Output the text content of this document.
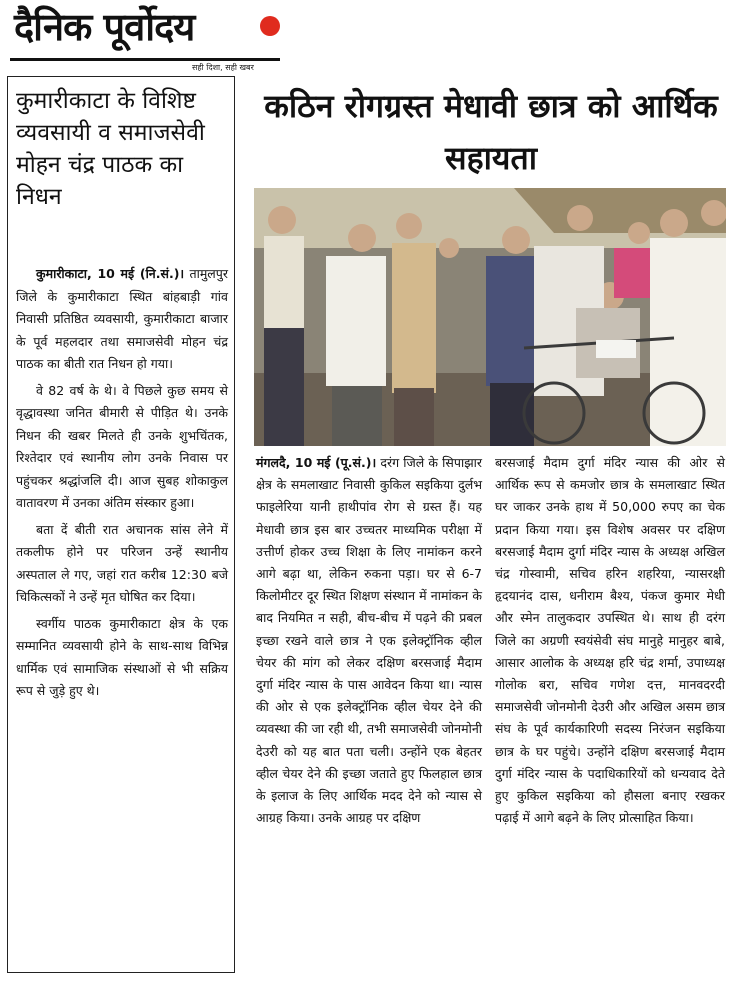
दैनिक पूर्वोदय
सही दिशा, सही खबर
कुमारीकाटा के विशिष्ट व्यवसायी व समाजसेवी मोहन चंद्र पाठक का निधन

कुमारीकाटा, 10 मई (नि.सं.)। तामुलपुर जिले के कुमारीकाटा स्थित बांहबाड़ी गांव निवासी प्रतिष्ठित व्यवसायी, कुमारीकाटा बाजार के पूर्व महलदार तथा समाजसेवी मोहन चंद्र पाठक का बीती रात निधन हो गया।

वे 82 वर्ष के थे। वे पिछले कुछ समय से वृद्धावस्था जनित बीमारी से पीड़ित थे। उनके निधन की खबर मिलते ही उनके शुभचिंतक, रिश्तेदार एवं स्थानीय लोग उनके निवास पर पहुंचकर श्रद्धांजलि दी। आज सुबह शोकाकुल वातावरण में उनका अंतिम संस्कार हुआ।

बता दें बीती रात अचानक सांस लेने में तकलीफ होने पर परिजन उन्हें स्थानीय अस्पताल ले गए, जहां रात करीब 12:30 बजे चिकित्सकों ने उन्हें मृत घोषित कर दिया।

स्वर्गीय पाठक कुमारीकाटा क्षेत्र के एक सम्मानित व्यवसायी होने के साथ-साथ विभिन्न धार्मिक एवं सामाजिक संस्थाओं से भी सक्रिय रूप से जुड़े हुए थे।

कठिन रोगग्रस्त मेधावी छात्र को आर्थिक सहायता

मंगलदै, 10 मई (पू.सं.)। दरंग जिले के सिपाझार क्षेत्र के समलाखाट निवासी कुकिल सइकिया दुर्लभ फाइलेरिया यानी हाथीपांव रोग से ग्रस्त हैं। यह मेधावी छात्र इस बार उच्चतर माध्यमिक परीक्षा में उत्तीर्ण होकर उच्च शिक्षा के लिए नामांकन करने आगे बढ़ा था, लेकिन रुकना पड़ा। घर से 6-7 किलोमीटर दूर स्थित शिक्षण संस्थान में नामांकन के बाद नियमित न सही, बीच-बीच में पढ़ने की प्रबल इच्छा रखने वाले छात्र ने एक इलेक्ट्रॉनिक व्हील चेयर की मांग को लेकर दक्षिण बरसजाई मैदाम दुर्गा मंदिर न्यास के पास आवेदन किया था। न्यास की ओर से एक इलेक्ट्रॉनिक व्हील चेयर देने की व्यवस्था की जा रही थी, तभी समाजसेवी जोनमोनी देउरी को यह बात पता चली। उन्होंने एक बेहतर व्हील चेयर देने की इच्छा जताते हुए फिलहाल छात्र के इलाज के लिए आर्थिक मदद देने को न्यास से आग्रह किया। उनके आग्रह पर दक्षिण

बरसजाई मैदाम दुर्गा मंदिर न्यास की ओर से आर्थिक रूप से कमजोर छात्र के समलाखाट स्थित घर जाकर उनके हाथ में 50,000 रुपए का चेक प्रदान किया गया। इस विशेष अवसर पर दक्षिण बरसजाई मैदाम दुर्गा मंदिर न्यास के अध्यक्ष अखिल चंद्र गोस्वामी, सचिव हरिन शहरिया, न्यासरक्षी हृदयानंद दास, धनीराम बैश्य, पंकज कुमार मेधी और स्मेन तालुकदार उपस्थित थे। साथ ही दरंग जिले का अग्रणी स्वयंसेवी संघ मानुहे मानुहर बाबे, आसार आलोक के अध्यक्ष हरि चंद्र शर्मा, उपाध्यक्ष गोलोक बरा, सचिव गणेश दत्त, मानवदरदी समाजसेवी जोनमोनी देउरी और अखिल असम छात्र संघ के पूर्व कार्यकारिणी सदस्य निरंजन सइकिया छात्र के घर पहुंचे। उन्होंने दक्षिण बरसजाई मैदाम दुर्गा मंदिर न्यास के पदाधिकारियों को धन्यवाद देते हुए कुकिल सइकिया को हौसला बनाए रखकर पढ़ाई में आगे बढ़ने के लिए प्रोत्साहित किया।
